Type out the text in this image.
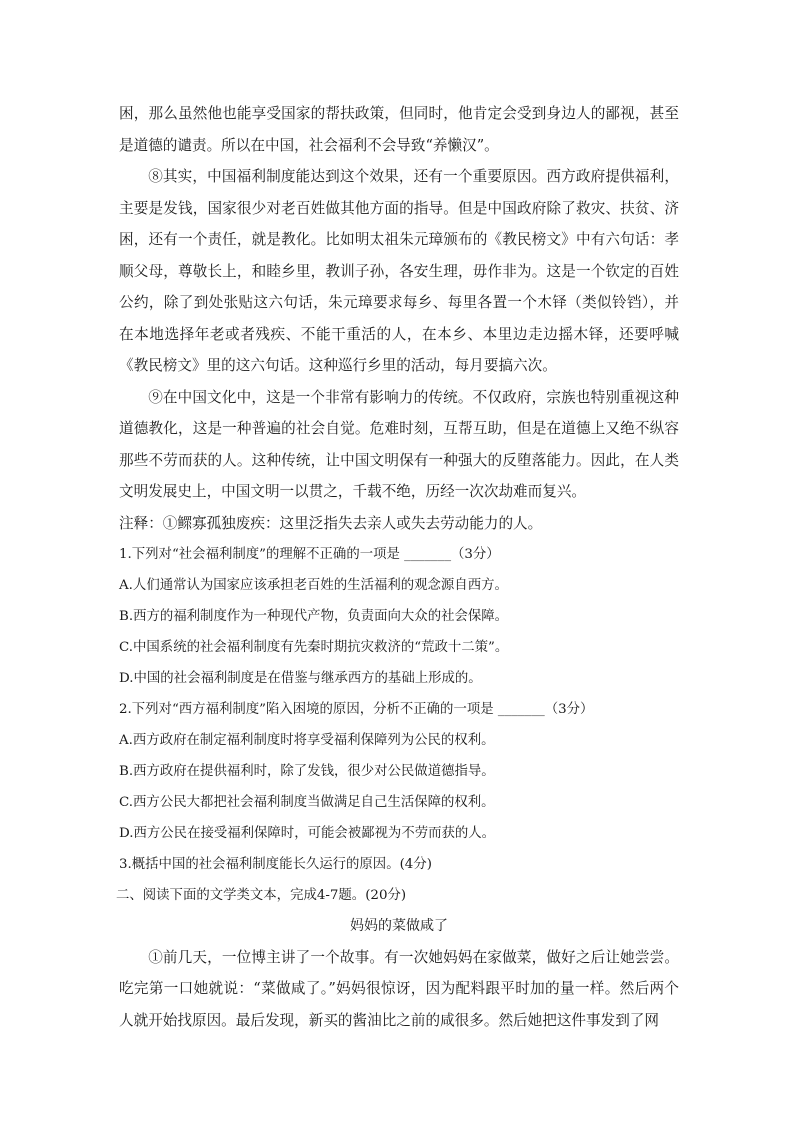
困，那么虽然他也能享受国家的帮扶政策，但同时，他肯定会受到身边人的鄙视，甚至是道德的谴责。所以在中国，社会福利不会导致“养懒汉”。

⑧其实，中国福利制度能达到这个效果，还有一个重要原因。西方政府提供福利，主要是发钱，国家很少对老百姓做其他方面的指导。但是中国政府除了救灾、扶贫、济困，还有一个责任，就是教化。比如明太祖朱元璋颁布的《教民榜文》中有六句话：孝顺父母，尊敬长上，和睦乡里，教训子孙，各安生理，毋作非为。这是一个钦定的百姓公约，除了到处张贴这六句话，朱元璋要求每乡、每里各置一个木铎（类似铃铛），并在本地选择年老或者残疾、不能干重活的人，在本乡、本里边走边摇木铎，还要呼喊《教民榜文》里的这六句话。这种巡行乡里的活动，每月要搞六次。

⑨在中国文化中，这是一个非常有影响力的传统。不仅政府，宗族也特别重视这种道德教化，这是一种普遍的社会自觉。危难时刻，互帮互助，但是在道德上又绝不纵容那些不劳而获的人。这种传统，让中国文明保有一种强大的反堕落能力。因此，在人类文明发展史上，中国文明一以贯之，千载不绝，历经一次次劫难而复兴。

注释：①鳏寡孤独废疾：这里泛指失去亲人或失去劳动能力的人。

1.下列对“社会福利制度”的理解不正确的一项是 _______（3分）

A.人们通常认为国家应该承担老百姓的生活福利的观念源自西方。

B.西方的福利制度作为一种现代产物，负责面向大众的社会保障。

C.中国系统的社会福利制度有先秦时期抗灾救济的“荒政十二策”。

D.中国的社会福利制度是在借鉴与继承西方的基础上形成的。

2.下列对“西方福利制度”陷入困境的原因，分析不正确的一项是 _______（3分）

A.西方政府在制定福利制度时将享受福利保障列为公民的权利。

B.西方政府在提供福利时，除了发钱，很少对公民做道德指导。

C.西方公民大都把社会福利制度当做满足自己生活保障的权利。

D.西方公民在接受福利保障时，可能会被鄙视为不劳而获的人。

3.概括中国的社会福利制度能长久运行的原因。(4分)

二、阅读下面的文学类文本，完成4-7题。(20分)

妈妈的菜做咸了

①前几天，一位博主讲了一个故事。有一次她妈妈在家做菜，做好之后让她尝尝。吃完第一口她就说：“菜做咸了。”妈妈很惊讶，因为配料跟平时加的量一样。然后两个人就开始找原因。最后发现，新买的酱油比之前的咸很多。然后她把这件事发到了网
